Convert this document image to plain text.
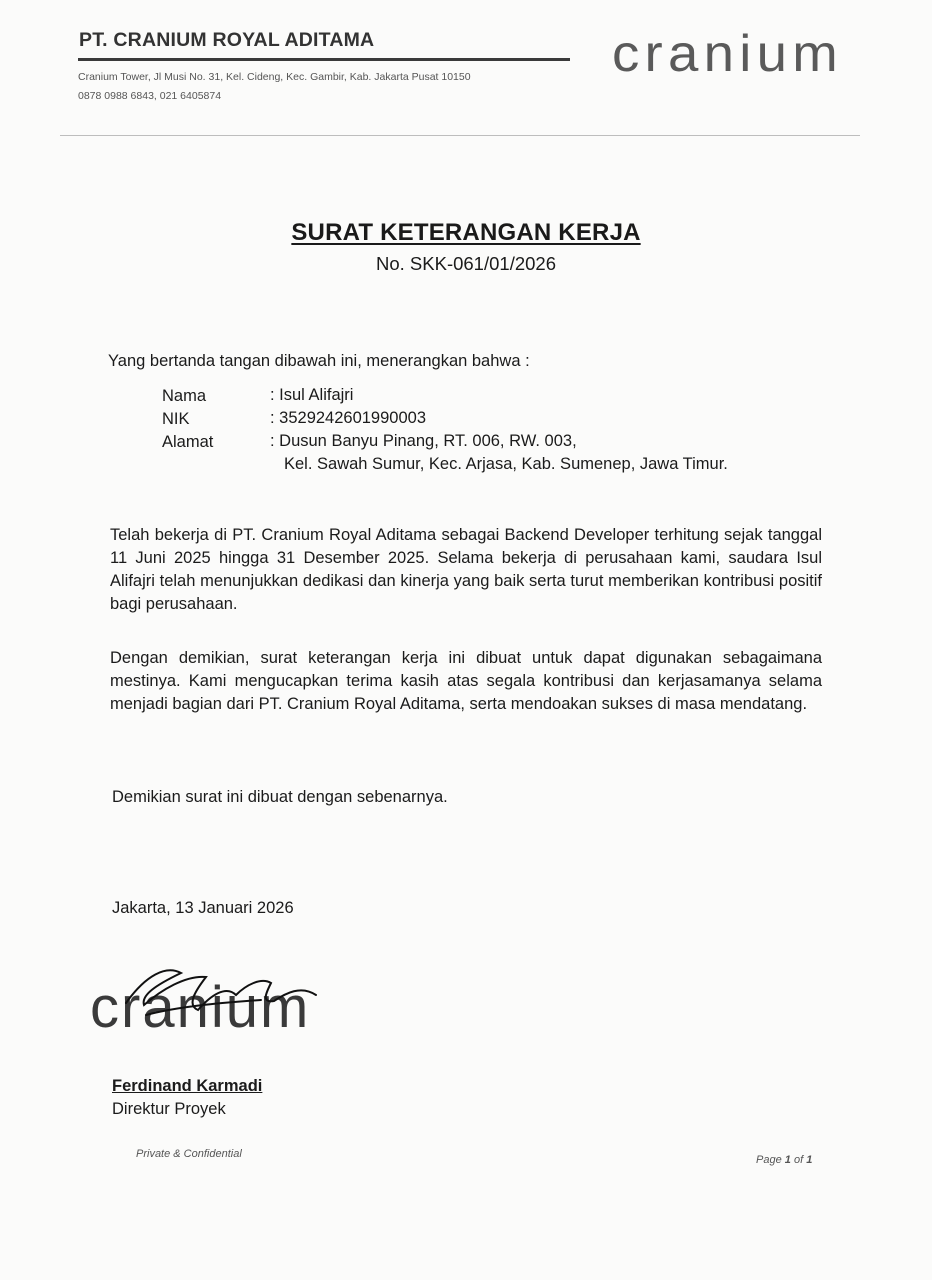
PT. CRANIUM ROYAL ADITAMA
Cranium Tower, Jl Musi No. 31, Kel. Cideng, Kec. Gambir, Kab. Jakarta Pusat 10150
0878 0988 6843, 021 6405874
cranium
SURAT KETERANGAN KERJA
No. SKK-061/01/2026
Yang bertanda tangan dibawah ini, menerangkan bahwa :
Nama	: Isul Alifajri
NIK	: 3529242601990003
Alamat	: Dusun Banyu Pinang, RT. 006, RW. 003,
Kel. Sawah Sumur, Kec. Arjasa, Kab. Sumenep, Jawa Timur.
Telah bekerja di PT. Cranium Royal Aditama sebagai Backend Developer terhitung sejak tanggal 11 Juni 2025 hingga 31 Desember 2025. Selama bekerja di perusahaan kami, saudara Isul Alifajri telah menunjukkan dedikasi dan kinerja yang baik serta turut memberikan kontribusi positif bagi perusahaan.
Dengan demikian, surat keterangan kerja ini dibuat untuk dapat digunakan sebagaimana mestinya. Kami mengucapkan terima kasih atas segala kontribusi dan kerjasamanya selama menjadi bagian dari PT. Cranium Royal Aditama, serta mendoakan sukses di masa mendatang.
Demikian surat ini dibuat dengan sebenarnya.
Jakarta, 13 Januari 2026
cranium
Ferdinand Karmadi
Direktur Proyek
Private & Confidential	Page 1 of 1
